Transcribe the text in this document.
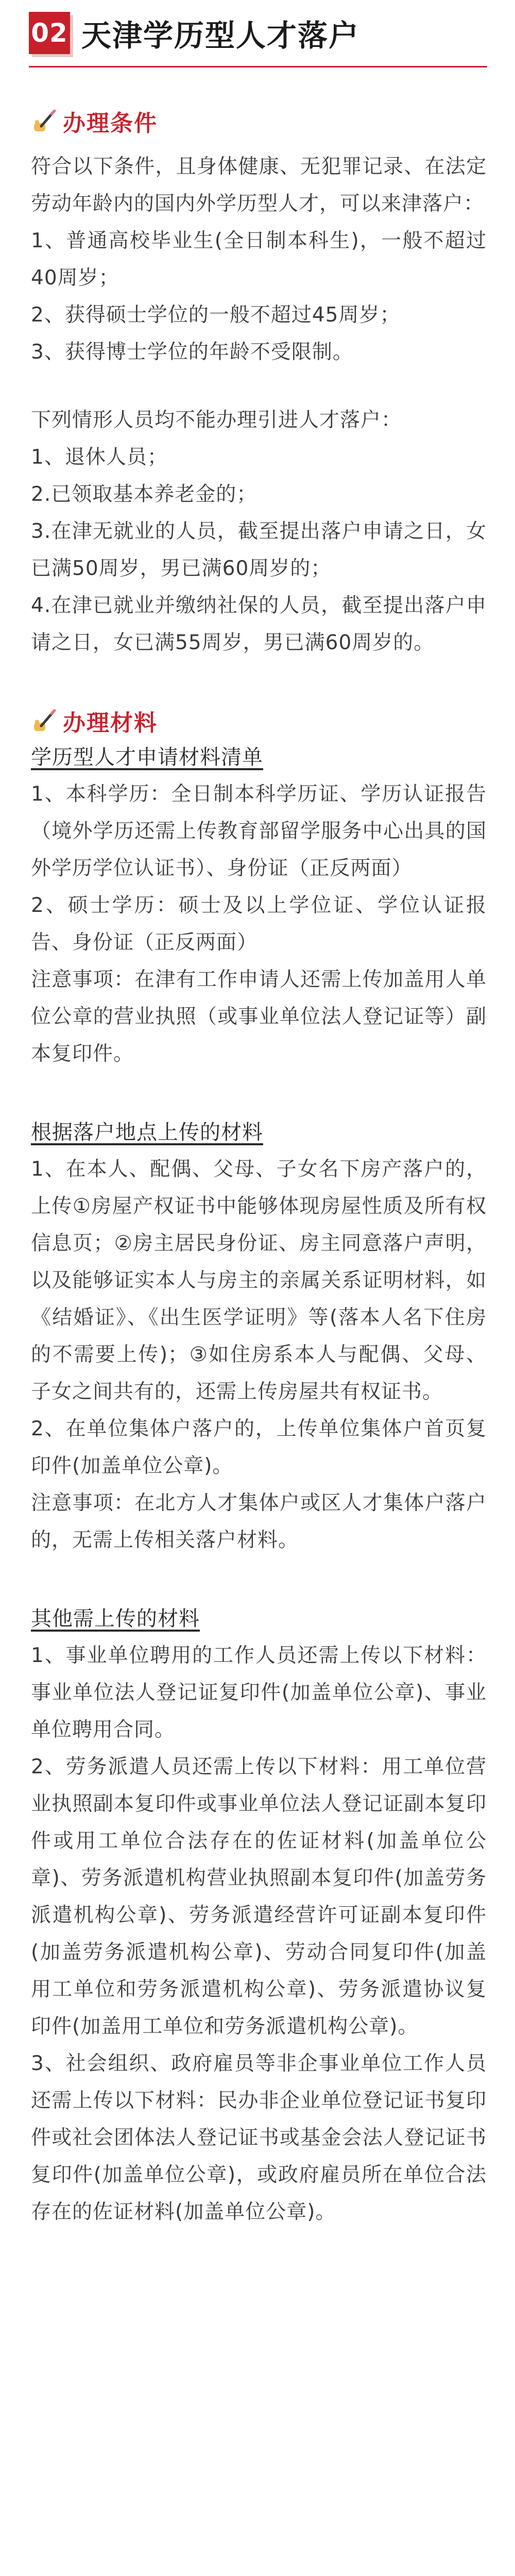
02 天津学历型人才落户
办理条件

符合以下条件，且身体健康、无犯罪记录、在法定劳动年龄内的国内外学历型人才，可以来津落户：

1、普通高校毕业生(全日制本科生)，一般不超过40周岁；

2、获得硕士学位的一般不超过45周岁；

3、获得博士学位的年龄不受限制。

下列情形人员均不能办理引进人才落户：

1、退休人员；

2.已领取基本养老金的；

3.在津无就业的人员，截至提出落户申请之日，女已满50周岁，男已满60周岁的；

4.在津已就业并缴纳社保的人员，截至提出落户申请之日，女已满55周岁，男已满60周岁的。

办理材料

学历型人才申请材料清单

1、本科学历：全日制本科学历证、学历认证报告（境外学历还需上传教育部留学服务中心出具的国外学历学位认证书）、身份证（正反两面）

2、硕士学历：硕士及以上学位证、学位认证报告、身份证（正反两面）

注意事项：在津有工作申请人还需上传加盖用人单位公章的营业执照（或事业单位法人登记证等）副本复印件。

根据落户地点上传的材料

1、在本人、配偶、父母、子女名下房产落户的，上传①房屋产权证书中能够体现房屋性质及所有权信息页；②房主居民身份证、房主同意落户声明，以及能够证实本人与房主的亲属关系证明材料，如《结婚证》、《出生医学证明》等(落本人名下住房的不需要上传)；③如住房系本人与配偶、父母、子女之间共有的，还需上传房屋共有权证书。

2、在单位集体户落户的，上传单位集体户首页复印件(加盖单位公章)。

注意事项：在北方人才集体户或区人才集体户落户的，无需上传相关落户材料。

其他需上传的材料

1、事业单位聘用的工作人员还需上传以下材料：事业单位法人登记证复印件(加盖单位公章)、事业单位聘用合同。

2、劳务派遣人员还需上传以下材料：用工单位营业执照副本复印件或事业单位法人登记证副本复印件或用工单位合法存在的佐证材料(加盖单位公章)、劳务派遣机构营业执照副本复印件(加盖劳务派遣机构公章)、劳务派遣经营许可证副本复印件(加盖劳务派遣机构公章)、劳动合同复印件(加盖用工单位和劳务派遣机构公章)、劳务派遣协议复印件(加盖用工单位和劳务派遣机构公章)。

3、社会组织、政府雇员等非企事业单位工作人员还需上传以下材料：民办非企业单位登记证书复印件或社会团体法人登记证书或基金会法人登记证书复印件(加盖单位公章)，或政府雇员所在单位合法存在的佐证材料(加盖单位公章)。
